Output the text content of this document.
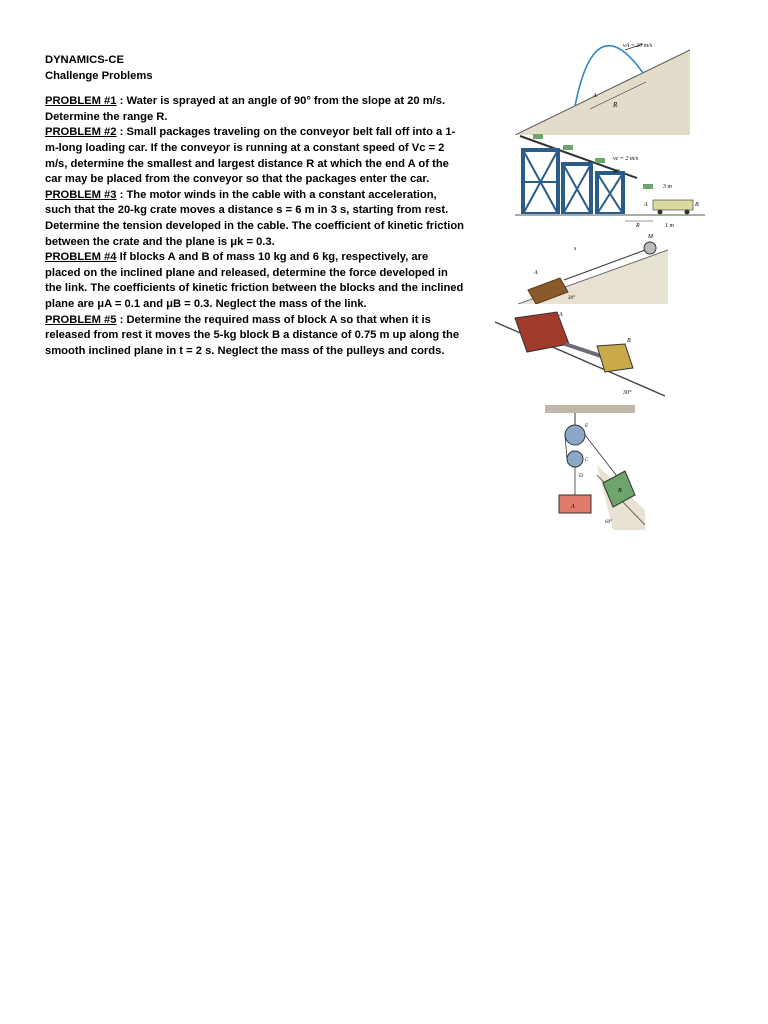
DYNAMICS-CE

Challenge Problems

PROBLEM #1 : Water is sprayed at an angle of 90° from the slope at 20 m/s. Determine the range R.

PROBLEM #2 : Small packages traveling on the conveyor belt fall off into a 1-m-long loading car. If the conveyor is running at a constant speed of Vc = 2 m/s, determine the smallest and largest distance R at which the end A of the car may be placed from the conveyor so that the packages enter the car.

PROBLEM #3 : The motor winds in the cable with a constant acceleration, such that the 20-kg crate moves a distance s = 6 m in 3 s, starting from rest. Determine the tension developed in the cable. The coefficient of kinetic friction between the crate and the plane is μk = 0.3.

PROBLEM #4 If blocks A and B of mass 10 kg and 6 kg, respectively, are placed on the inclined plane and released, determine the force developed in the link. The coefficients of kinetic friction between the blocks and the inclined plane are μA = 0.1 and μB = 0.3. Neglect the mass of the link.

PROBLEM #5 : Determine the required mass of block A so that when it is released from rest it moves the 5-kg block B a distance of 0.75 m up along the smooth inclined plane in t = 2 s. Neglect the mass of the pulleys and cords.

vA = 20 m/s
R
A
vc = 2 m/s
30°
3 m
A	B
R	1 m
M
A
s
30°
A
B
30°
A
B
C
D
E
60°
